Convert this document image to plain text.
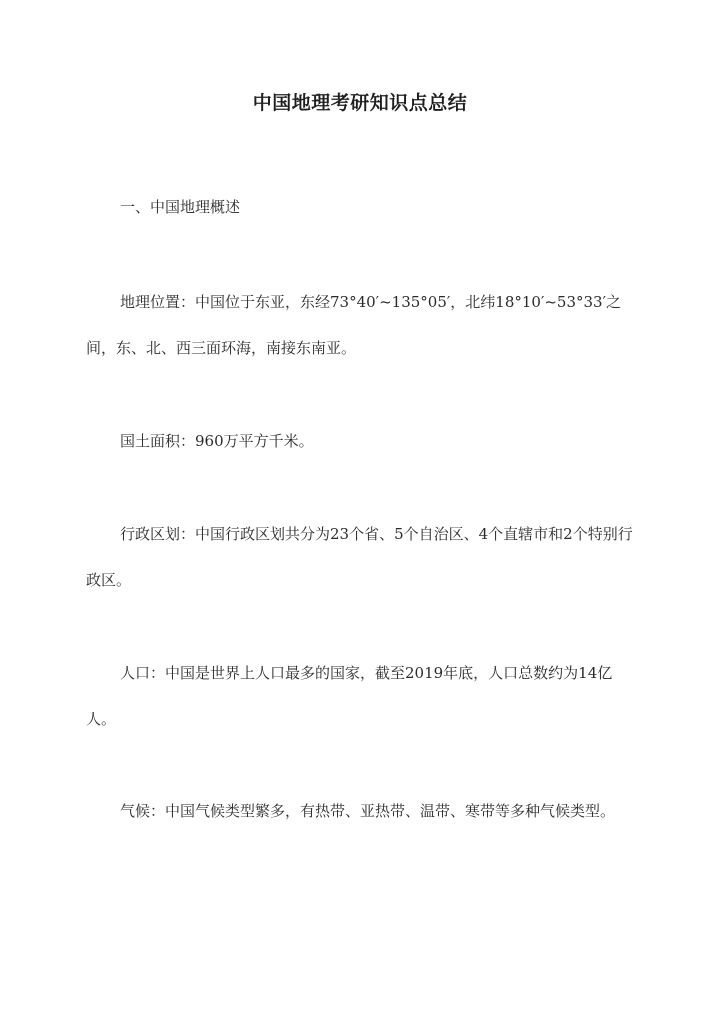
中国地理考研知识点总结
一、中国地理概述

地理位置：中国位于东亚，东经73°40′~135°05′，北纬18°10′~53°33′之间，东、北、西三面环海，南接东南亚。

国土面积：960万平方千米。

行政区划：中国行政区划共分为23个省、5个自治区、4个直辖市和2个特别行政区。

人口：中国是世界上人口最多的国家，截至2019年底，人口总数约为14亿人。

气候：中国气候类型繁多，有热带、亚热带、温带、寒带等多种气候类型。
